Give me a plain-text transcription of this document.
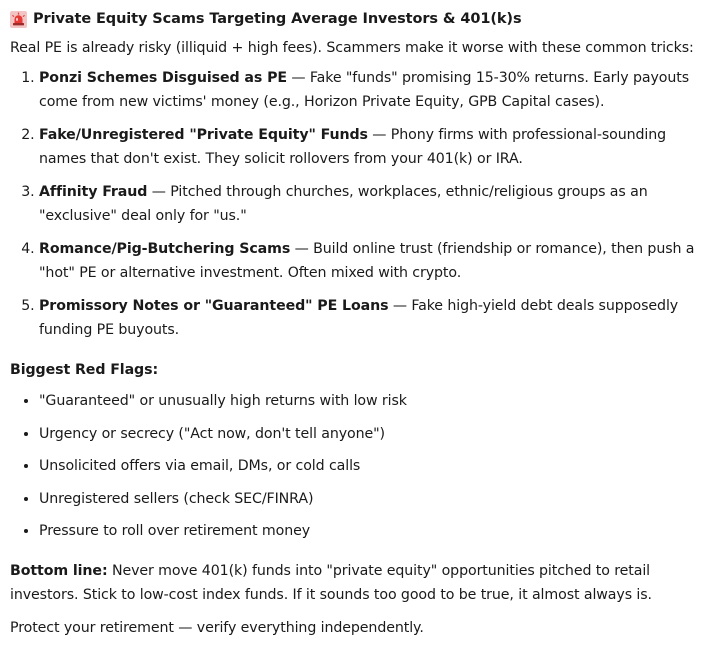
Private Equity Scams Targeting Average Investors & 401(k)s

Real PE is already risky (illiquid + high fees). Scammers make it worse with these common tricks:

1. Ponzi Schemes Disguised as PE — Fake "funds" promising 15-30% returns. Early payouts come from new victims' money (e.g., Horizon Private Equity, GPB Capital cases).
2. Fake/Unregistered "Private Equity" Funds — Phony firms with professional-sounding names that don't exist. They solicit rollovers from your 401(k) or IRA.
3. Affinity Fraud — Pitched through churches, workplaces, ethnic/religious groups as an "exclusive" deal only for "us."
4. Romance/Pig-Butchering Scams — Build online trust (friendship or romance), then push a "hot" PE or alternative investment. Often mixed with crypto.
5. Promissory Notes or "Guaranteed" PE Loans — Fake high-yield debt deals supposedly funding PE buyouts.

Biggest Red Flags:

• "Guaranteed" or unusually high returns with low risk
• Urgency or secrecy ("Act now, don't tell anyone")
• Unsolicited offers via email, DMs, or cold calls
• Unregistered sellers (check SEC/FINRA)
• Pressure to roll over retirement money

Bottom line: Never move 401(k) funds into "private equity" opportunities pitched to retail investors. Stick to low-cost index funds. If it sounds too good to be true, it almost always is.

Protect your retirement — verify everything independently.
